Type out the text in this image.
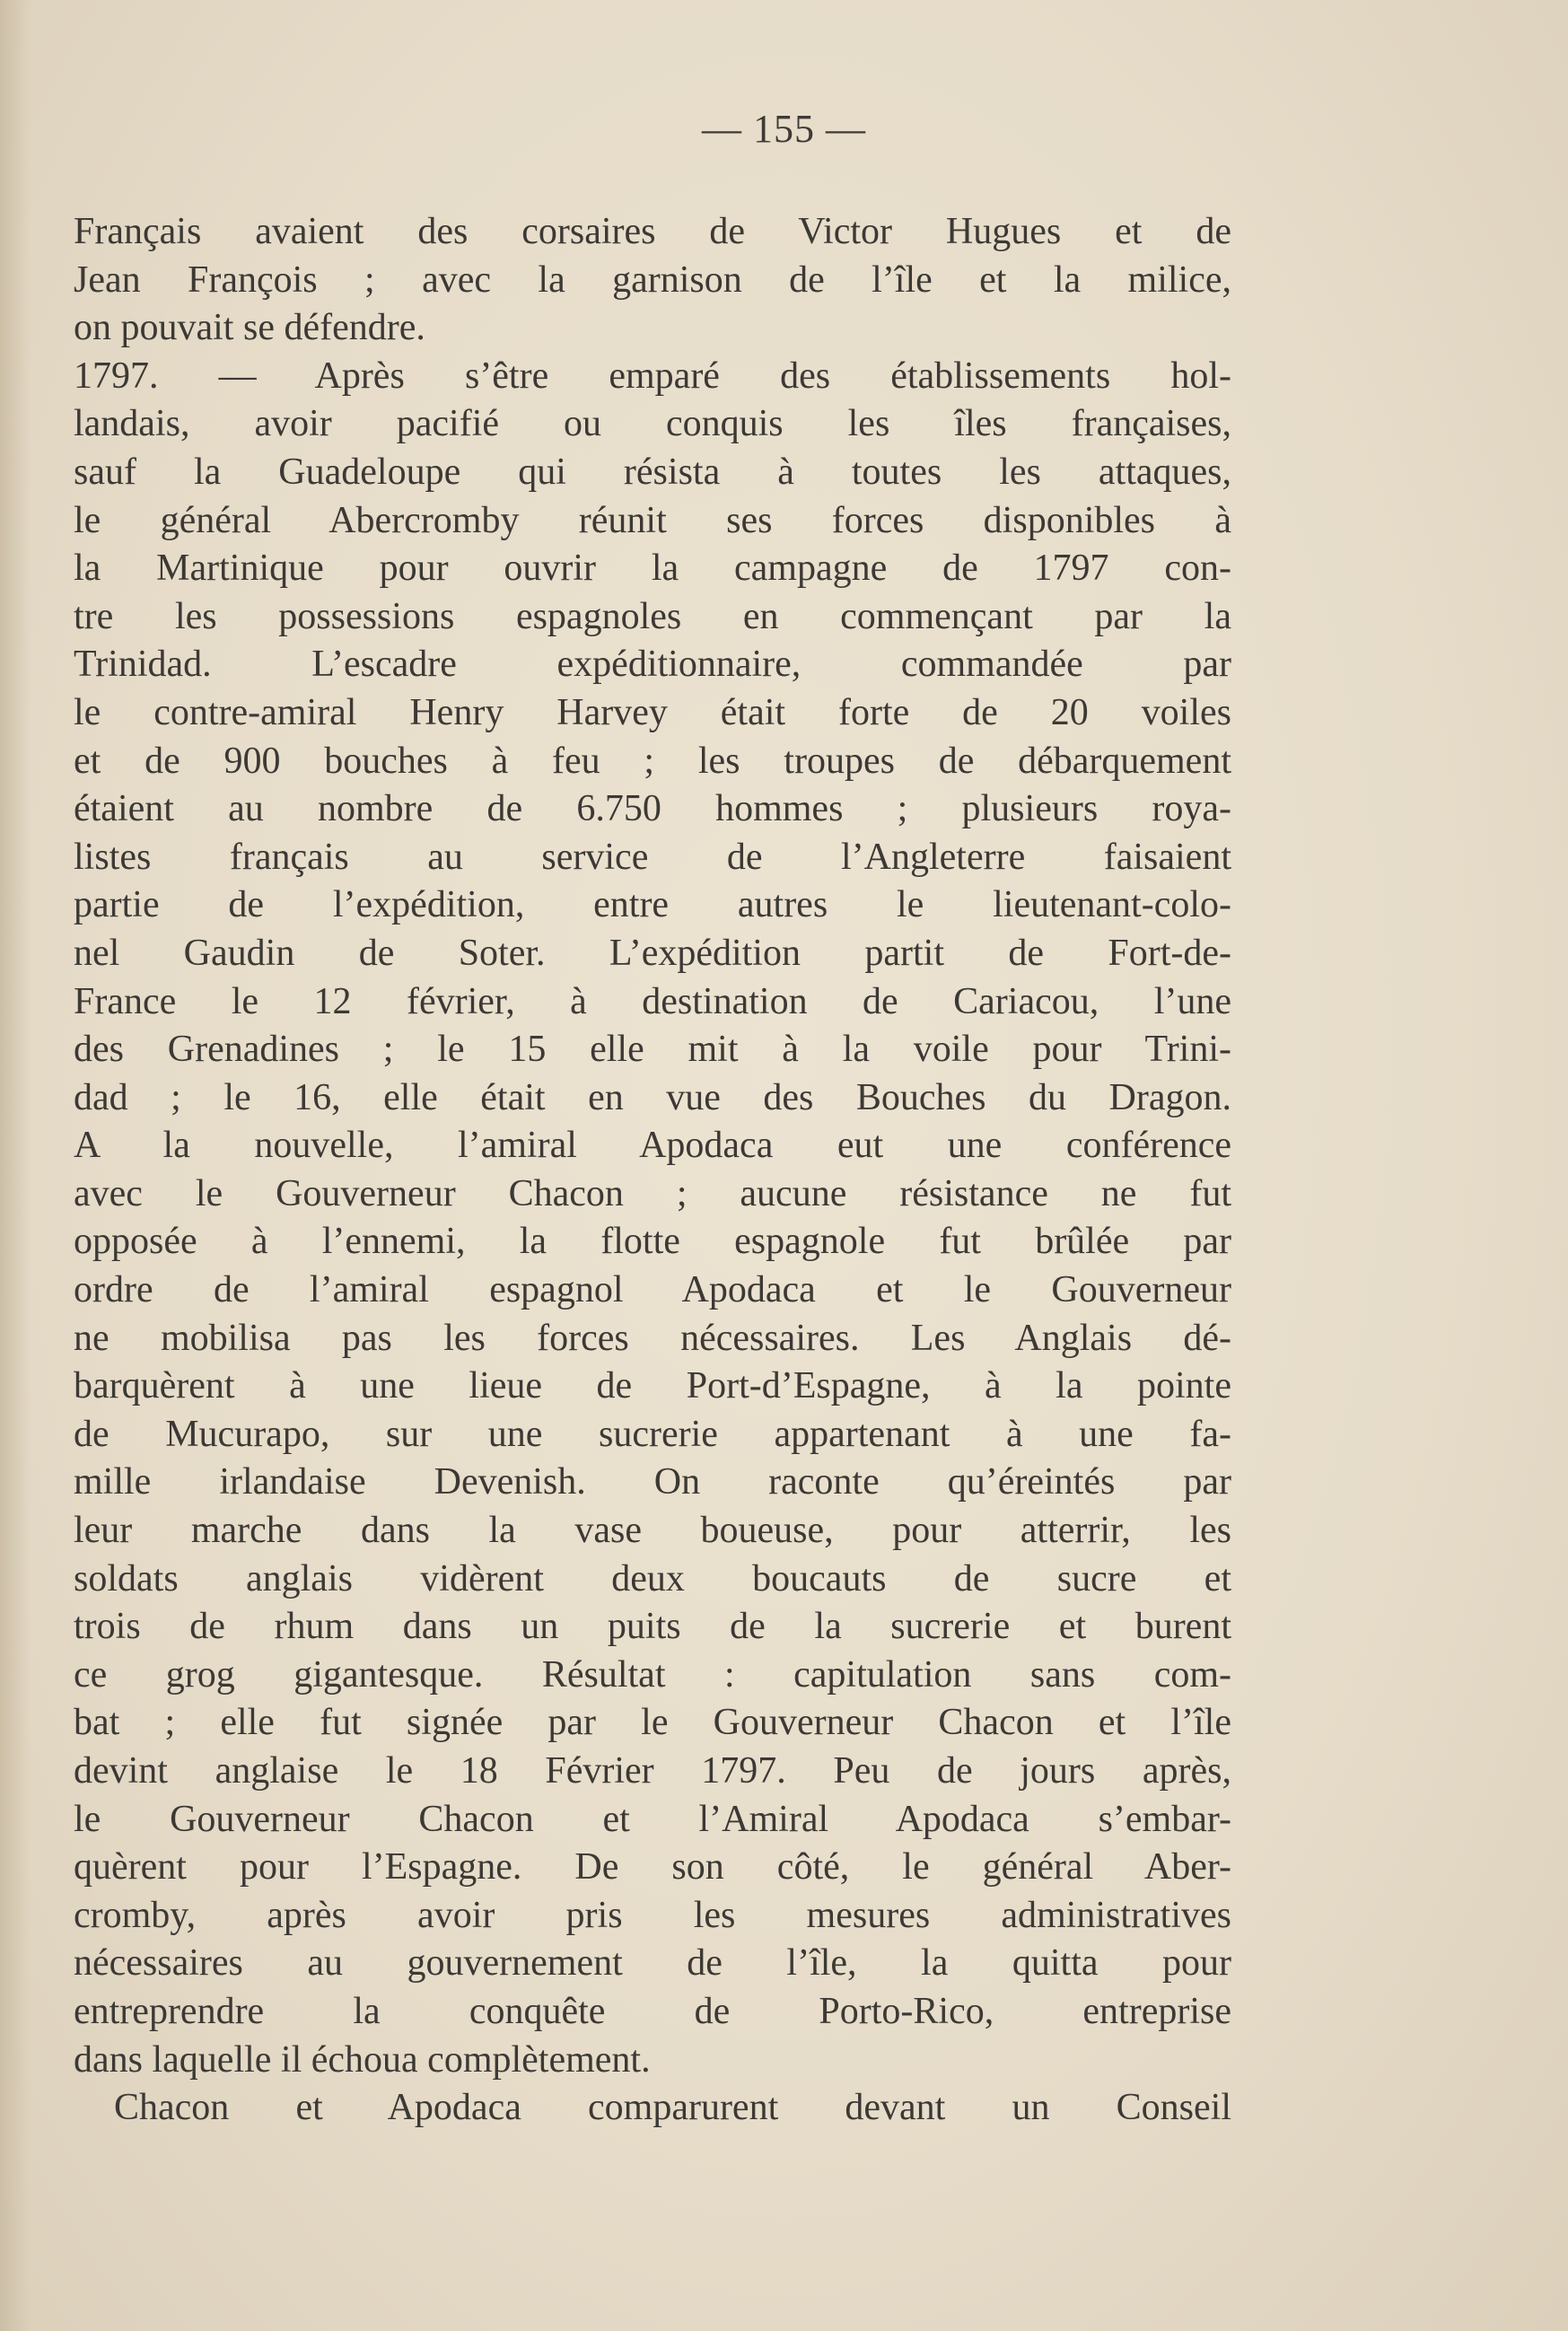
— 155 —
Français avaient des corsaires de Victor Hugues et de
Jean François ; avec la garnison de l’île et la milice,
on pouvait se défendre.
1797. — Après s’être emparé des établissements hol-
landais, avoir pacifié ou conquis les îles françaises,
sauf la Guadeloupe qui résista à toutes les attaques,
le général Abercromby réunit ses forces disponibles à
la Martinique pour ouvrir la campagne de 1797 con-
tre les possessions espagnoles en commençant par la
Trinidad. L’escadre expéditionnaire, commandée par
le contre-amiral Henry Harvey était forte de 20 voiles
et de 900 bouches à feu ; les troupes de débarquement
étaient au nombre de 6.750 hommes ; plusieurs roya-
listes français au service de l’Angleterre faisaient
partie de l’expédition, entre autres le lieutenant-colo-
nel Gaudin de Soter. L’expédition partit de Fort-de-
France le 12 février, à destination de Cariacou, l’une
des Grenadines ; le 15 elle mit à la voile pour Trini-
dad ; le 16, elle était en vue des Bouches du Dragon.
A la nouvelle, l’amiral Apodaca eut une conférence
avec le Gouverneur Chacon ; aucune résistance ne fut
opposée à l’ennemi, la flotte espagnole fut brûlée par
ordre de l’amiral espagnol Apodaca et le Gouverneur
ne mobilisa pas les forces nécessaires. Les Anglais dé-
barquèrent à une lieue de Port-d’Espagne, à la pointe
de Mucurapo, sur une sucrerie appartenant à une fa-
mille irlandaise Devenish. On raconte qu’éreintés par
leur marche dans la vase boueuse, pour atterrir, les
soldats anglais vidèrent deux boucauts de sucre et
trois de rhum dans un puits de la sucrerie et burent
ce grog gigantesque. Résultat : capitulation sans com-
bat ; elle fut signée par le Gouverneur Chacon et l’île
devint anglaise le 18 Février 1797. Peu de jours après,
le Gouverneur Chacon et l’Amiral Apodaca s’embar-
quèrent pour l’Espagne. De son côté, le général Aber-
cromby, après avoir pris les mesures administratives
nécessaires au gouvernement de l’île, la quitta pour
entreprendre la conquête de Porto-Rico, entreprise
dans laquelle il échoua complètement.
Chacon et Apodaca comparurent devant un Conseil
